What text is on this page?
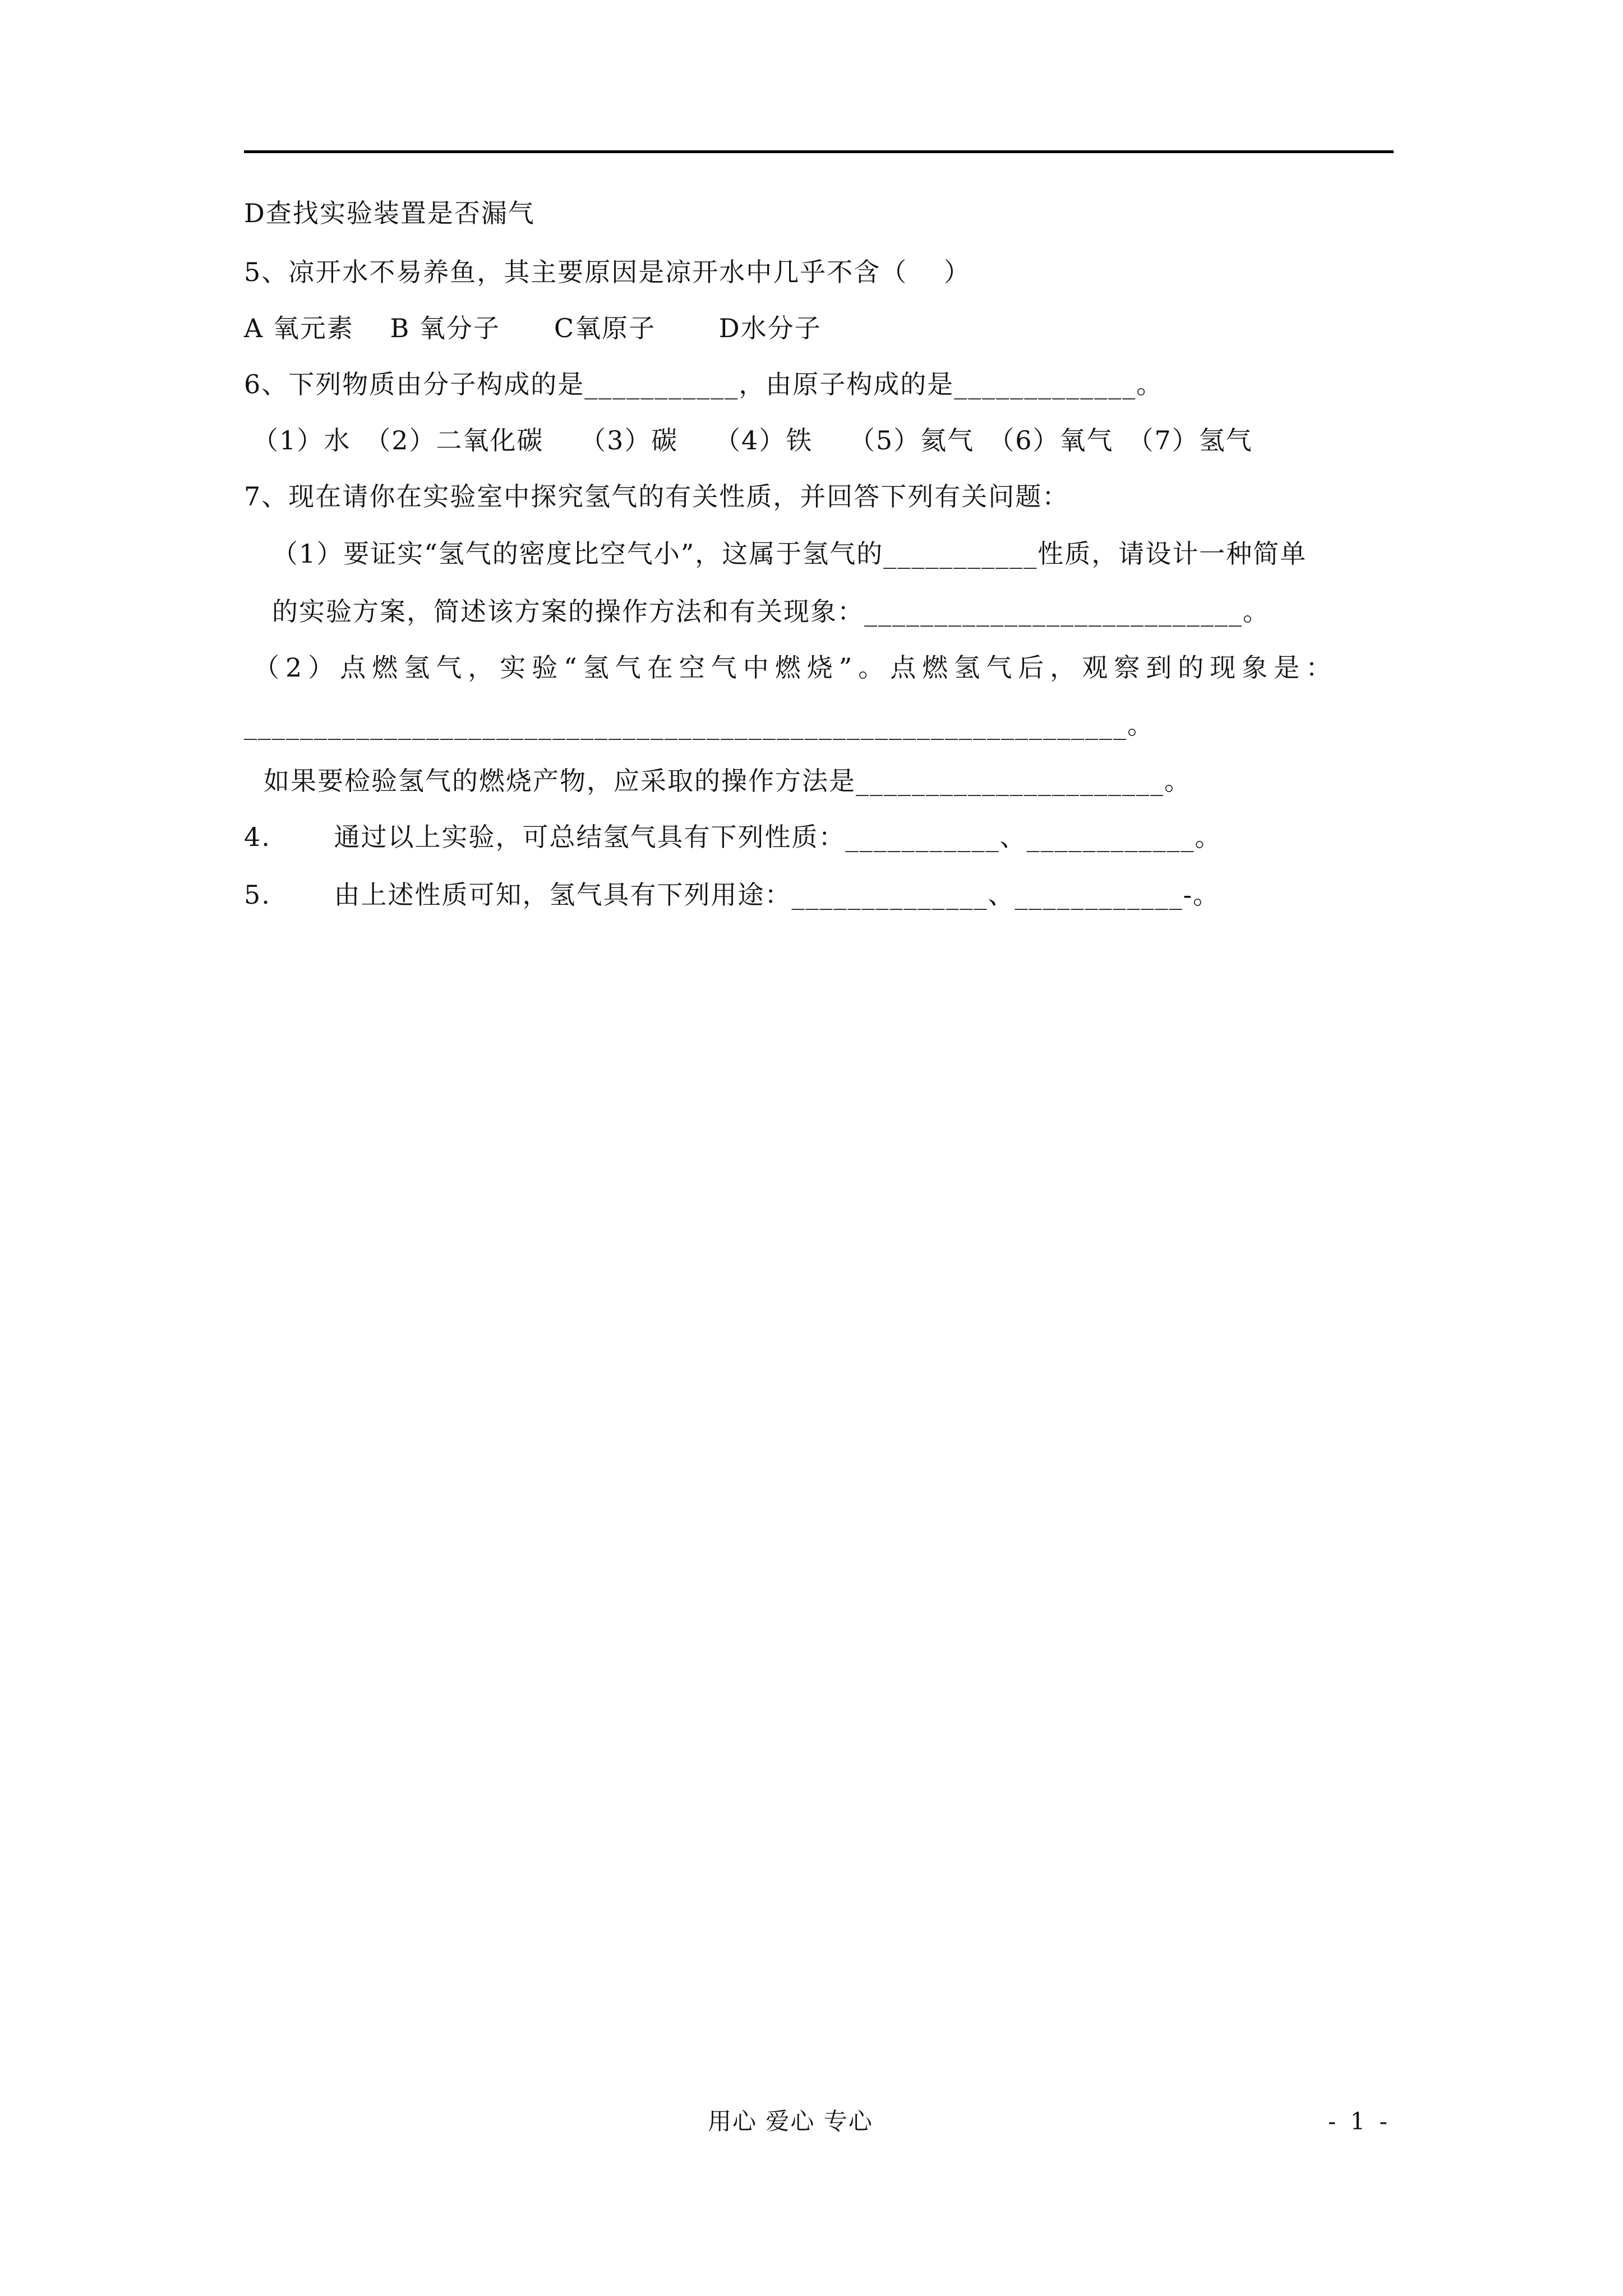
D查找实验装置是否漏气
5、凉开水不易养鱼，其主要原因是凉开水中几乎不含（　 ）
A 氧元素　 B 氧分子　　C氧原子　　 D水分子
6、下列物质由分子构成的是___________，由原子构成的是_____________。
（1）水　（2）二氧化碳　 （3）碳　 （4）铁　 （5）氦气　（6）氧气　（7）氢气
7、现在请你在实验室中探究氢气的有关性质，并回答下列有关问题：
（1）要证实“氢气的密度比空气小”，这属于氢气的___________性质，请设计一种简单
的实验方案，简述该方案的操作方法和有关现象：___________________________。
（2）点燃氢气，实验“氢气在空气中燃烧”。点燃氢气后，观察到的现象是：
_______________________________________________________________。
如果要检验氢气的燃烧产物，应采取的操作方法是______________________。
4.　　 通过以上实验，可总结氢气具有下列性质：___________、____________。
5.　　 由上述性质可知，氢气具有下列用途：______________、____________-。
用心 爱心 专心	- 1 -
